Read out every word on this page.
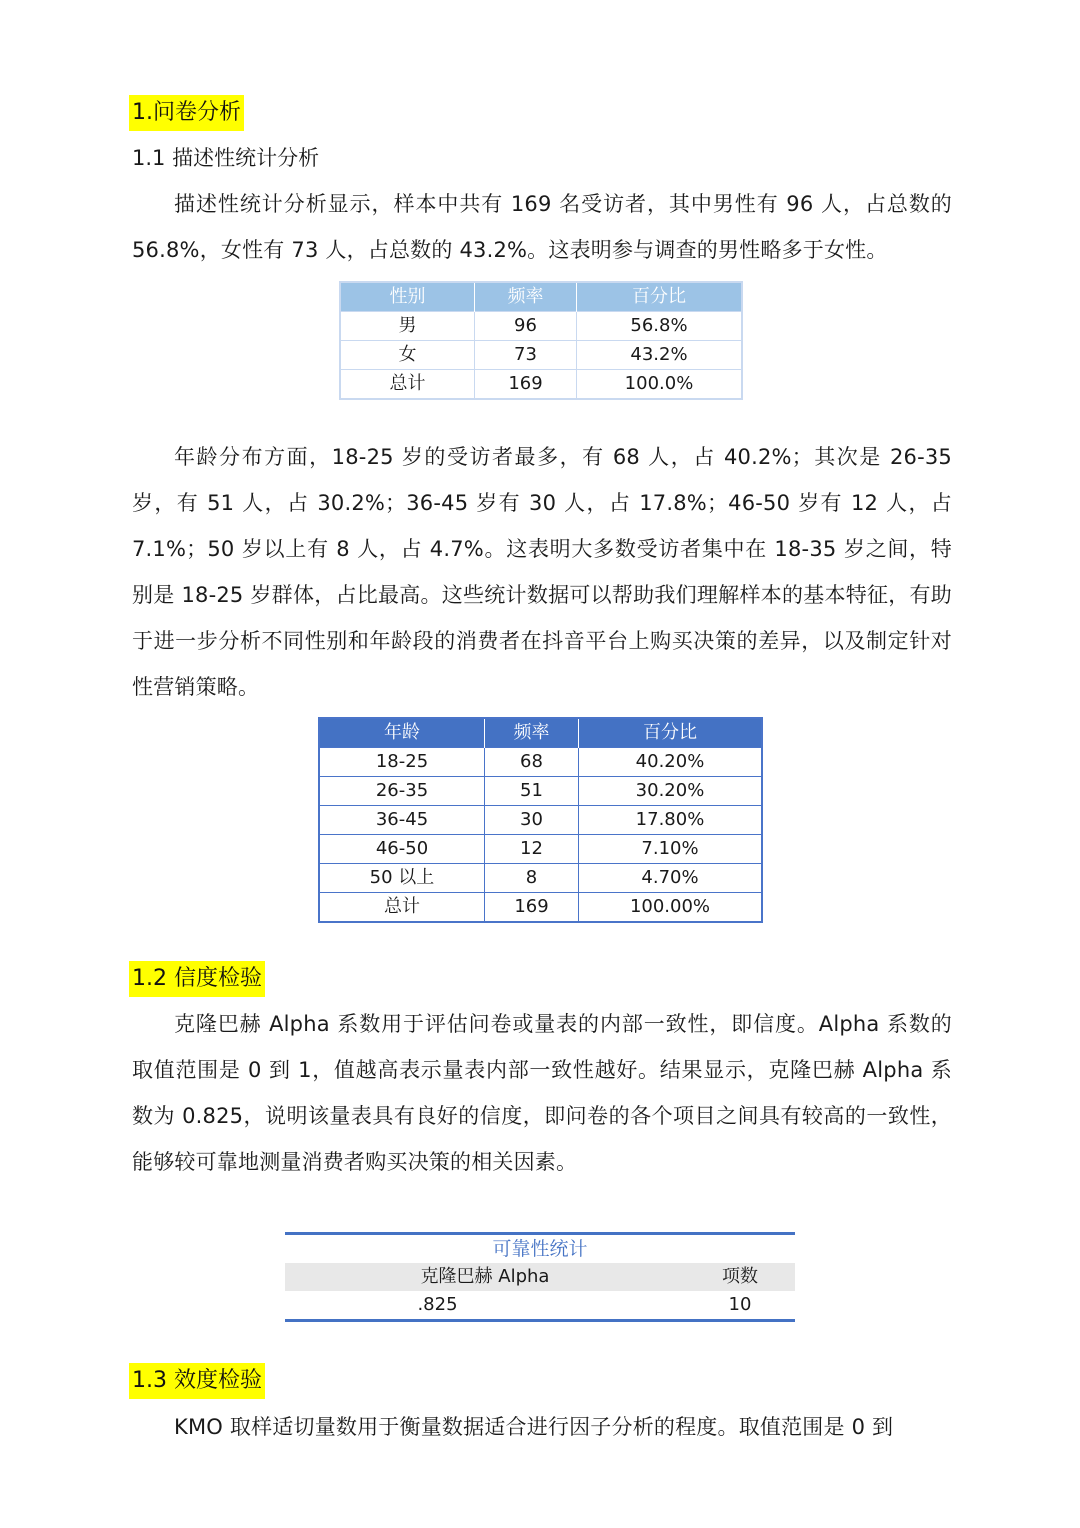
1.问卷分析
1.1 描述性统计分析

描述性统计分析显示，样本中共有 169 名受访者，其中男性有 96 人，占总数的 56.8%，女性有 73 人，占总数的 43.2%。这表明参与调查的男性略多于女性。

性别	频率	百分比
男	96	56.8%
女	73	43.2%
总计	169	100.0%

年龄分布方面，18-25 岁的受访者最多，有 68 人，占 40.2%；其次是 26-35 岁，有 51 人，占 30.2%；36-45 岁有 30 人，占 17.8%；46-50 岁有 12 人，占 7.1%；50 岁以上有 8 人，占 4.7%。这表明大多数受访者集中在 18-35 岁之间，特别是 18-25 岁群体，占比最高。这些统计数据可以帮助我们理解样本的基本特征，有助于进一步分析不同性别和年龄段的消费者在抖音平台上购买决策的差异，以及制定针对性营销策略。

年龄	频率	百分比
18-25	68	40.20%
26-35	51	30.20%
36-45	30	17.80%
46-50	12	7.10%
50 以上	8	4.70%
总计	169	100.00%
1.2 信度检验

克隆巴赫 Alpha 系数用于评估问卷或量表的内部一致性，即信度。Alpha 系数的取值范围是 0 到 1，值越高表示量表内部一致性越好。结果显示，克隆巴赫 Alpha 系数为 0.825，说明该量表具有良好的信度，即问卷的各个项目之间具有较高的一致性，能够较可靠地测量消费者购买决策的相关因素。

可靠性统计
克隆巴赫 Alpha	项数
.825	10
1.3 效度检验

KMO 取样适切量数用于衡量数据适合进行因子分析的程度。取值范围是 0 到
